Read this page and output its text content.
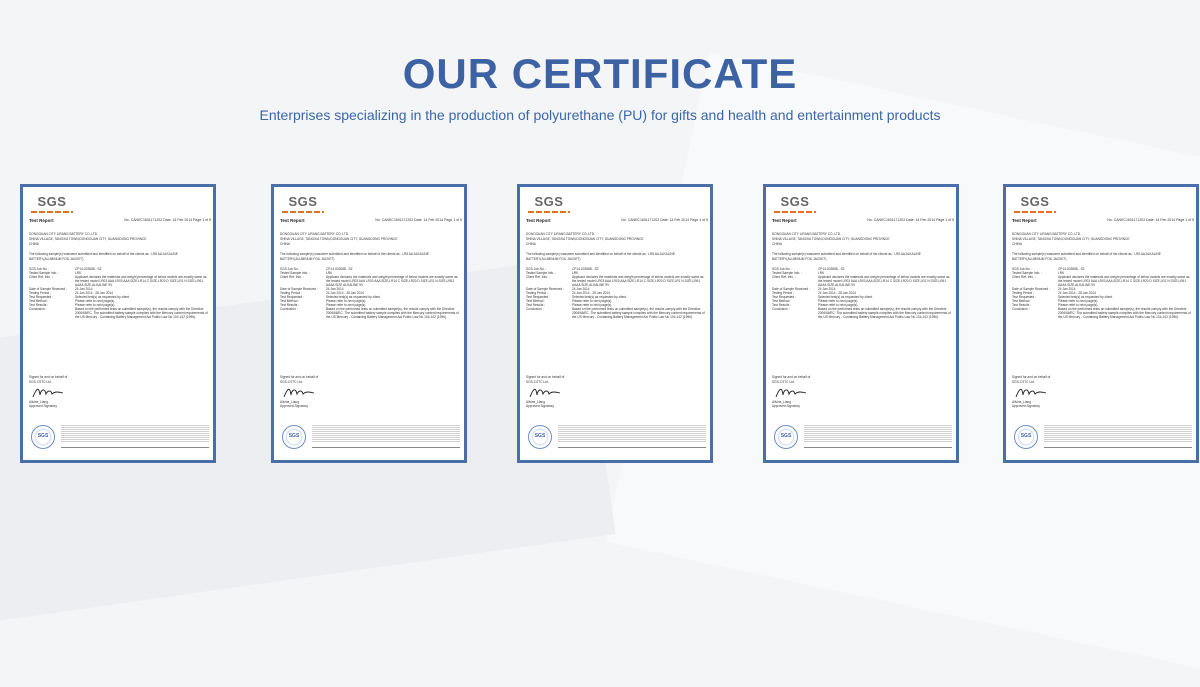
OUR CERTIFICATE
Enterprises specializing in the production of polyurethane (PU) for gifts and health and entertainment products
SGS
Test Report	No. CANEC1601171202 Date: 14 Feb 2014 Page 1 of 5
DONGGUAN CITY LIRANG BATTERY CO.,LTD.
SHINA VILLAGE, TANGXIA TOWN,DONGGUAN CITY, GUANGDONG PROVINCE
CHINA
The following sample(s) was/were submitted and identified on behalf of the clients as : LR6 AA ALKALINE BATTERY(ALUMINUM FOIL JACKET)
SGS Job No. :	CP14-003088 - SZ
Tested Sample Info. :	LR6
Client Ref. Info. :	Applicant declares the materials and weight percentage of below models are exactly same as the tested model LR03 AAA LR03 AAA SIZE,LR14 C SIZE,LR20 D SIZE,LR1 N SIZE,LR61 AAAA SIZE,ALKALINE 9V
Date of Sample Received :	24 Jan 2014
Testing Period :	24 Jan 2014 - 28 Jan 2014
Test Requested :	Selected test(s) as requested by client.
Test Method :	Please refer to next page(s).
Test Results :	Please refer to next page(s).
Conclusion :	Based on the performed tests on submitted sample(s), the results comply with the Directive 2006/66/EC. The submitted battery sample complies with the Mercury content requirements of the US Mercury - Containing Battery Management Act Public Law No 104-142 (1996).
Signed for and on behalf of SGS-CSTC Ltd.
Allvine_Liang
Approved Signatory
SGS
SGS
Test Report	No. CANEC1601171202 Date: 14 Feb 2014 Page 1 of 5
DONGGUAN CITY LIRANG BATTERY CO.,LTD.
SHINA VILLAGE, TANGXIA TOWN,DONGGUAN CITY, GUANGDONG PROVINCE
CHINA
The following sample(s) was/were submitted and identified on behalf of the clients as : LR6 AA ALKALINE BATTERY(ALUMINUM FOIL JACKET)
SGS Job No. :	CP14-003088 - SZ
Tested Sample Info. :	LR6
Client Ref. Info. :	Applicant declares the materials and weight percentage of below models are exactly same as the tested model LR03 AAA LR03 AAA SIZE,LR14 C SIZE,LR20 D SIZE,LR1 N SIZE,LR61 AAAA SIZE,ALKALINE 9V
Date of Sample Received :	24 Jan 2014
Testing Period :	24 Jan 2014 - 28 Jan 2014
Test Requested :	Selected test(s) as requested by client.
Test Method :	Please refer to next page(s).
Test Results :	Please refer to next page(s).
Conclusion :	Based on the performed tests on submitted sample(s), the results comply with the Directive 2006/66/EC. The submitted battery sample complies with the Mercury content requirements of the US Mercury - Containing Battery Management Act Public Law No 104-142 (1996).
Signed for and on behalf of SGS-CSTC Ltd.
Allvine_Liang
Approved Signatory
SGS
SGS
Test Report	No. CANEC1601171202 Date: 14 Feb 2014 Page 1 of 5
DONGGUAN CITY LIRANG BATTERY CO.,LTD.
SHINA VILLAGE, TANGXIA TOWN,DONGGUAN CITY, GUANGDONG PROVINCE
CHINA
The following sample(s) was/were submitted and identified on behalf of the clients as : LR6 AA ALKALINE BATTERY(ALUMINUM FOIL JACKET)
SGS Job No. :	CP14-003088 - SZ
Tested Sample Info. :	LR6
Client Ref. Info. :	Applicant declares the materials and weight percentage of below models are exactly same as the tested model LR03 AAA LR03 AAA SIZE,LR14 C SIZE,LR20 D SIZE,LR1 N SIZE,LR61 AAAA SIZE,ALKALINE 9V
Date of Sample Received :	24 Jan 2014
Testing Period :	24 Jan 2014 - 28 Jan 2014
Test Requested :	Selected test(s) as requested by client.
Test Method :	Please refer to next page(s).
Test Results :	Please refer to next page(s).
Conclusion :	Based on the performed tests on submitted sample(s), the results comply with the Directive 2006/66/EC. The submitted battery sample complies with the Mercury content requirements of the US Mercury - Containing Battery Management Act Public Law No 104-142 (1996).
Signed for and on behalf of SGS-CSTC Ltd.
Allvine_Liang
Approved Signatory
SGS
SGS
Test Report	No. CANEC1601171202 Date: 14 Feb 2014 Page 1 of 5
DONGGUAN CITY LIRANG BATTERY CO.,LTD.
SHINA VILLAGE, TANGXIA TOWN,DONGGUAN CITY, GUANGDONG PROVINCE
CHINA
The following sample(s) was/were submitted and identified on behalf of the clients as : LR6 AA ALKALINE BATTERY(ALUMINUM FOIL JACKET)
SGS Job No. :	CP14-003088 - SZ
Tested Sample Info. :	LR6
Client Ref. Info. :	Applicant declares the materials and weight percentage of below models are exactly same as the tested model LR03 AAA LR03 AAA SIZE,LR14 C SIZE,LR20 D SIZE,LR1 N SIZE,LR61 AAAA SIZE,ALKALINE 9V
Date of Sample Received :	24 Jan 2014
Testing Period :	24 Jan 2014 - 28 Jan 2014
Test Requested :	Selected test(s) as requested by client.
Test Method :	Please refer to next page(s).
Test Results :	Please refer to next page(s).
Conclusion :	Based on the performed tests on submitted sample(s), the results comply with the Directive 2006/66/EC. The submitted battery sample complies with the Mercury content requirements of the US Mercury - Containing Battery Management Act Public Law No 104-142 (1996).
Signed for and on behalf of SGS-CSTC Ltd.
Allvine_Liang
Approved Signatory
SGS
SGS
Test Report	No. CANEC1601171202 Date: 14 Feb 2014 Page 1 of 5
DONGGUAN CITY LIRANG BATTERY CO.,LTD.
SHINA VILLAGE, TANGXIA TOWN,DONGGUAN CITY, GUANGDONG PROVINCE
CHINA
The following sample(s) was/were submitted and identified on behalf of the clients as : LR6 AA ALKALINE BATTERY(ALUMINUM FOIL JACKET)
SGS Job No. :	CP14-003088 - SZ
Tested Sample Info. :	LR6
Client Ref. Info. :	Applicant declares the materials and weight percentage of below models are exactly same as the tested model LR03 AAA LR03 AAA SIZE,LR14 C SIZE,LR20 D SIZE,LR1 N SIZE,LR61 AAAA SIZE,ALKALINE 9V
Date of Sample Received :	24 Jan 2014
Testing Period :	24 Jan 2014 - 28 Jan 2014
Test Requested :	Selected test(s) as requested by client.
Test Method :	Please refer to next page(s).
Test Results :	Please refer to next page(s).
Conclusion :	Based on the performed tests on submitted sample(s), the results comply with the Directive 2006/66/EC. The submitted battery sample complies with the Mercury content requirements of the US Mercury - Containing Battery Management Act Public Law No 104-142 (1996).
Signed for and on behalf of SGS-CSTC Ltd.
Allvine_Liang
Approved Signatory
SGS
